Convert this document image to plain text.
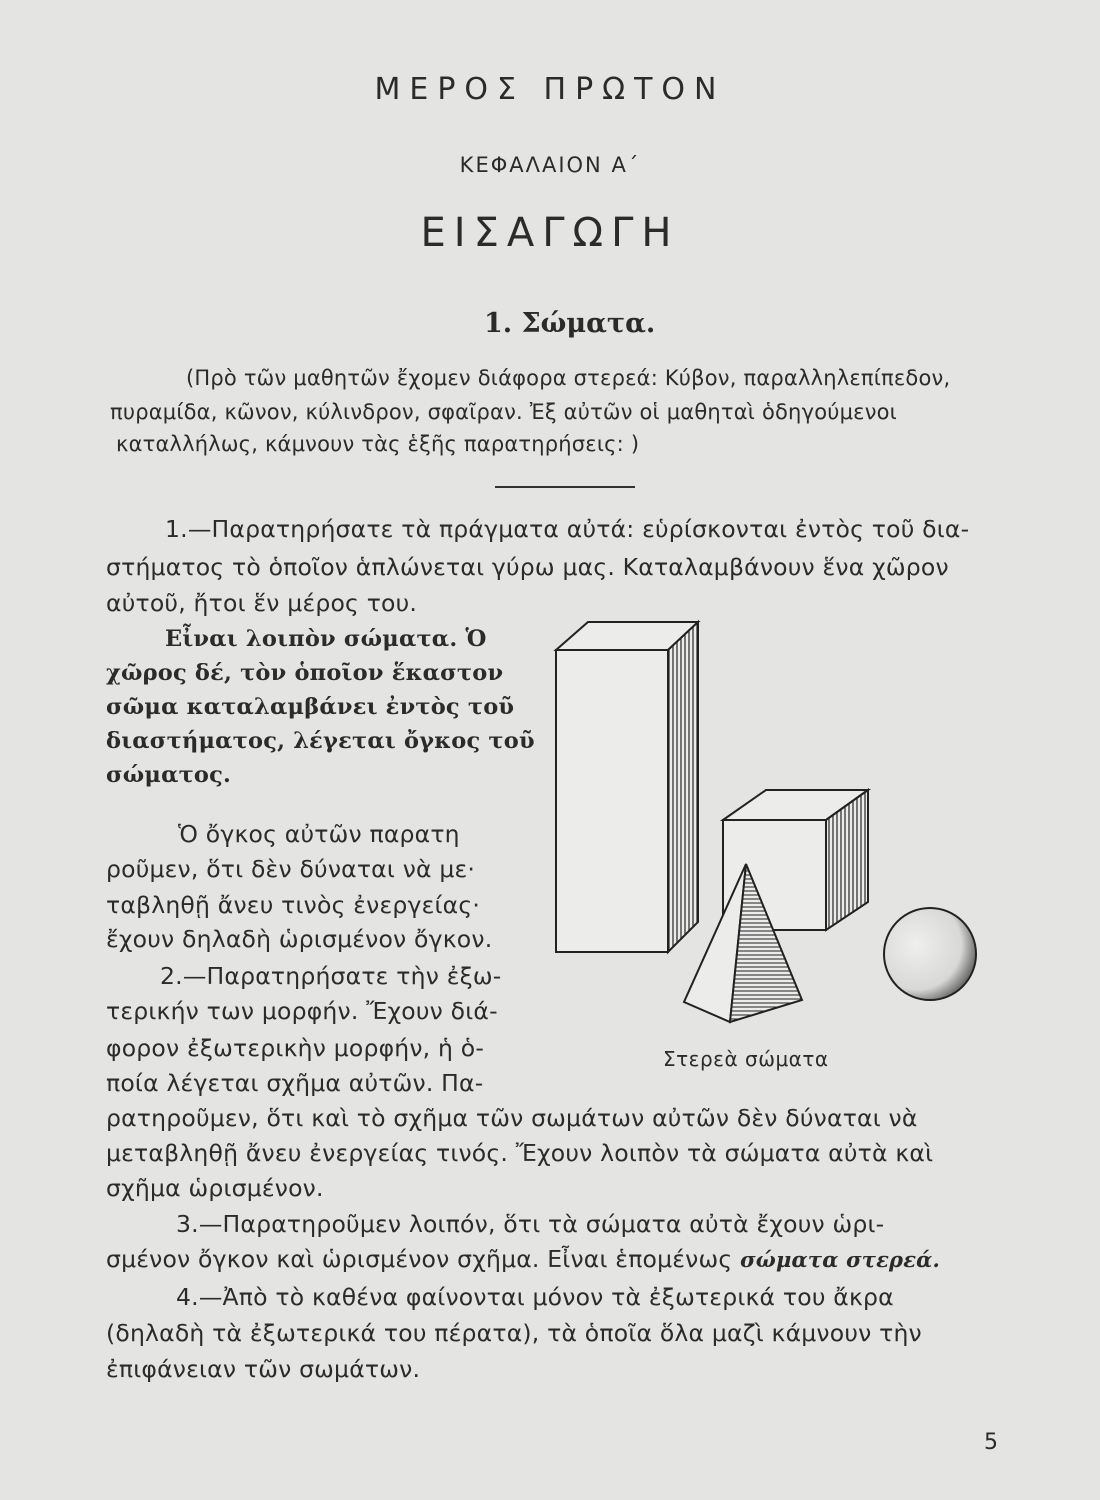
ΜΕΡΟΣ ΠΡΩΤΟΝ
ΚΕΦΑΛΑΙΟΝ Α΄
ΕΙΣΑΓΩΓΗ
1. Σώματα.
(Πρὸ τῶν μαθητῶν ἔχομεν διάφορα στερεά: Κύβον, παραλληλεπίπεδον,
πυραμίδα, κῶνον, κύλινδρον, σφαῖραν. Ἐξ αὐτῶν οἱ μαθηταὶ ὁδηγούμενοι
καταλλήλως, κάμνουν τὰς ἑξῆς παρατηρήσεις: )
1.—Παρατηρήσατε τὰ πράγματα αὐτά: εὑρίσκονται ἐντὸς τοῦ δια-
στήματος τὸ ὁποῖον ἁπλώνεται γύρω μας. Καταλαμβάνουν ἕνα χῶρον
αὐτοῦ, ἤτοι ἕν μέρος του.
Εἶναι λοιπὸν σώματα. Ὁ
χῶρος δέ, τὸν ὁποῖον ἕκαστον
σῶμα καταλαμβάνει ἐντὸς τοῦ
διαστήματος, λέγεται ὄγκος τοῦ
σώματος.
Ὁ ὄγκος αὐτῶν παρατη
ροῦμεν, ὅτι δὲν δύναται νὰ με·
ταβληθῇ ἄνευ τινὸς ἐνεργείας·
ἔχουν δηλαδὴ ὡρισμένον ὄγκον.
2.—Παρατηρήσατε τὴν ἐξω-
τερικήν των μορφήν. Ἔχουν διά-
φορον ἐξωτερικὴν μορφήν, ἡ ὁ-
ποία λέγεται σχῆμα αὐτῶν. Πα-
ρατηροῦμεν, ὅτι καὶ τὸ σχῆμα τῶν σωμάτων αὐτῶν δὲν δύναται νὰ
μεταβληθῇ ἄνευ ἐνεργείας τινός. Ἔχουν λοιπὸν τὰ σώματα αὐτὰ καὶ
σχῆμα ὡρισμένον.
3.—Παρατηροῦμεν λοιπόν, ὅτι τὰ σώματα αὐτὰ ἔχουν ὡρι-
σμένον ὄγκον καὶ ὡρισμένον σχῆμα. Εἶναι ἑπομένως σώματα στερεά.
4.—Ἀπὸ τὸ καθένα φαίνονται μόνον τὰ ἐξωτερικά του ἄκρα
(δηλαδὴ τὰ ἐξωτερικά του πέρατα), τὰ ὁποῖα ὅλα μαζὶ κάμνουν τὴν
ἐπιφάνειαν τῶν σωμάτων.
Στερεὰ σώματα
5
